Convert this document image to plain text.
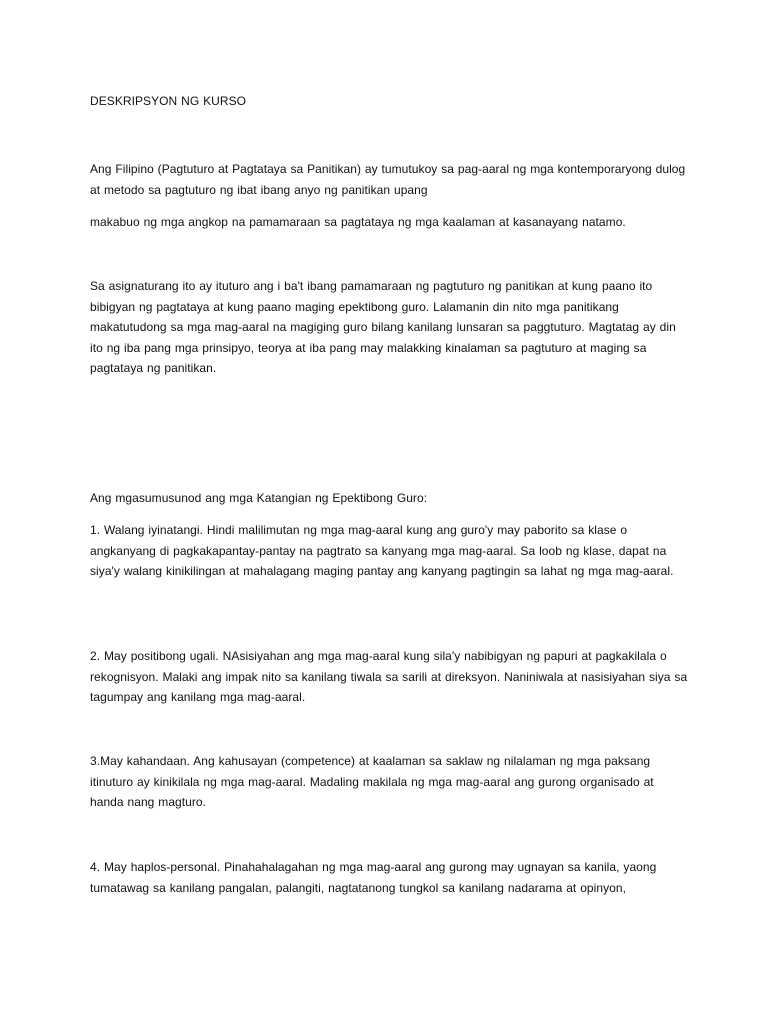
DESKRIPSYON NG KURSO

Ang Filipino (Pagtuturo at Pagtataya sa Panitikan) ay tumutukoy sa pag-aaral ng mga kontemporaryong dulog at metodo sa pagtuturo ng ibat ibang anyo ng panitikan upang

makabuo ng mga angkop na pamamaraan sa pagtataya ng mga kaalaman at kasanayang natamo.

Sa asignaturang ito ay ituturo ang i ba't ibang pamamaraan ng pagtuturo ng panitikan at kung paano ito bibigyan ng pagtataya at kung paano maging epektibong guro. Lalamanin din nito mga panitikang makatutudong sa mga mag-aaral na magiging guro bilang kanilang lunsaran sa paggtuturo. Magtatag ay din ito ng iba pang mga prinsipyo, teorya at iba pang may malakking kinalaman sa pagtuturo at maging sa pagtataya ng panitikan.

Ang mgasumusunod ang mga Katangian ng Epektibong Guro:

1. Walang iyinatangi. Hindi malilimutan ng mga mag-aaral kung ang guro'y may paborito sa klase o angkanyang di pagkakapantay-pantay na pagtrato sa kanyang mga mag-aaral. Sa loob ng klase, dapat na siya'y walang kinikilingan at mahalagang maging pantay ang kanyang pagtingin sa lahat ng mga mag-aaral.

2. May positibong ugali. NAsisiyahan ang mga mag-aaral kung sila'y nabibigyan ng papuri at pagkakilala o rekognisyon. Malaki ang impak nito sa kanilang tiwala sa sarili at direksyon. Naniniwala at nasisiyahan siya sa tagumpay ang kanilang mga mag-aaral.

3.May kahandaan. Ang kahusayan (competence) at kaalaman sa saklaw ng nilalaman ng mga paksang itinuturo ay kinikilala ng mga mag-aaral. Madaling makilala ng mga mag-aaral ang gurong organisado at handa nang magturo.

4. May haplos-personal. Pinahahalagahan ng mga mag-aaral ang gurong may ugnayan sa kanila, yaong tumatawag sa kanilang pangalan, palangiti, nagtatanong tungkol sa kanilang nadarama at opinyon,
